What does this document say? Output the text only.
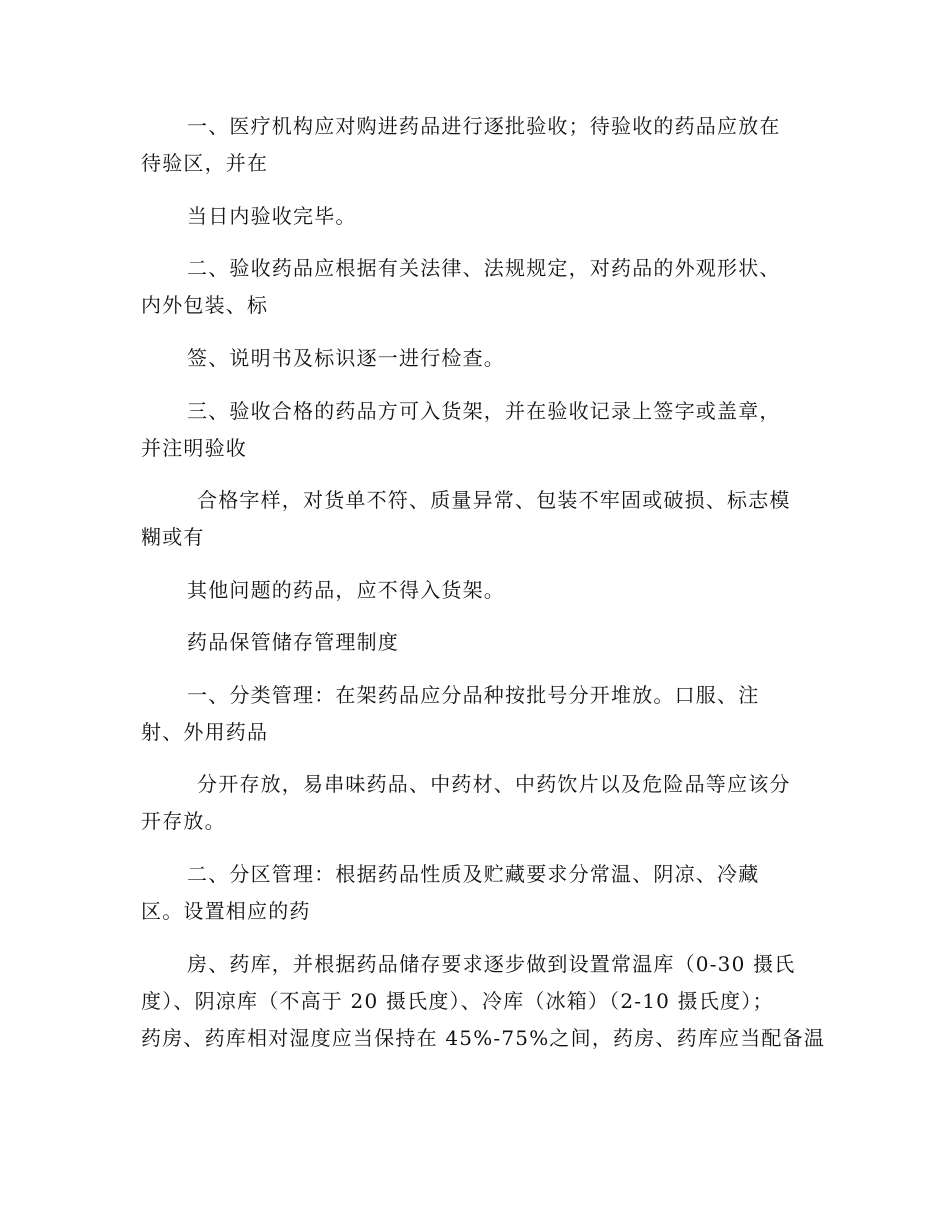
一、医疗机构应对购进药品进行逐批验收；待验收的药品应放在
待验区，并在
当日内验收完毕。
二、验收药品应根据有关法律、法规规定，对药品的外观形状、
内外包装、标
签、说明书及标识逐一进行检查。
三、验收合格的药品方可入货架，并在验收记录上签字或盖章，
并注明验收
合格字样，对货单不符、质量异常、包装不牢固或破损、标志模
糊或有
其他问题的药品，应不得入货架。
药品保管储存管理制度
一、分类管理：在架药品应分品种按批号分开堆放。口服、注
射、外用药品
分开存放，易串味药品、中药材、中药饮片以及危险品等应该分
开存放。
二、分区管理：根据药品性质及贮藏要求分常温、阴凉、冷藏
区。设置相应的药
房、药库，并根据药品储存要求逐步做到设置常温库（0-30 摄氏
度）、阴凉库（不高于 20 摄氏度）、冷库（冰箱）（2-10 摄氏度）；
药房、药库相对湿度应当保持在 45%-75%之间，药房、药库应当配备温
